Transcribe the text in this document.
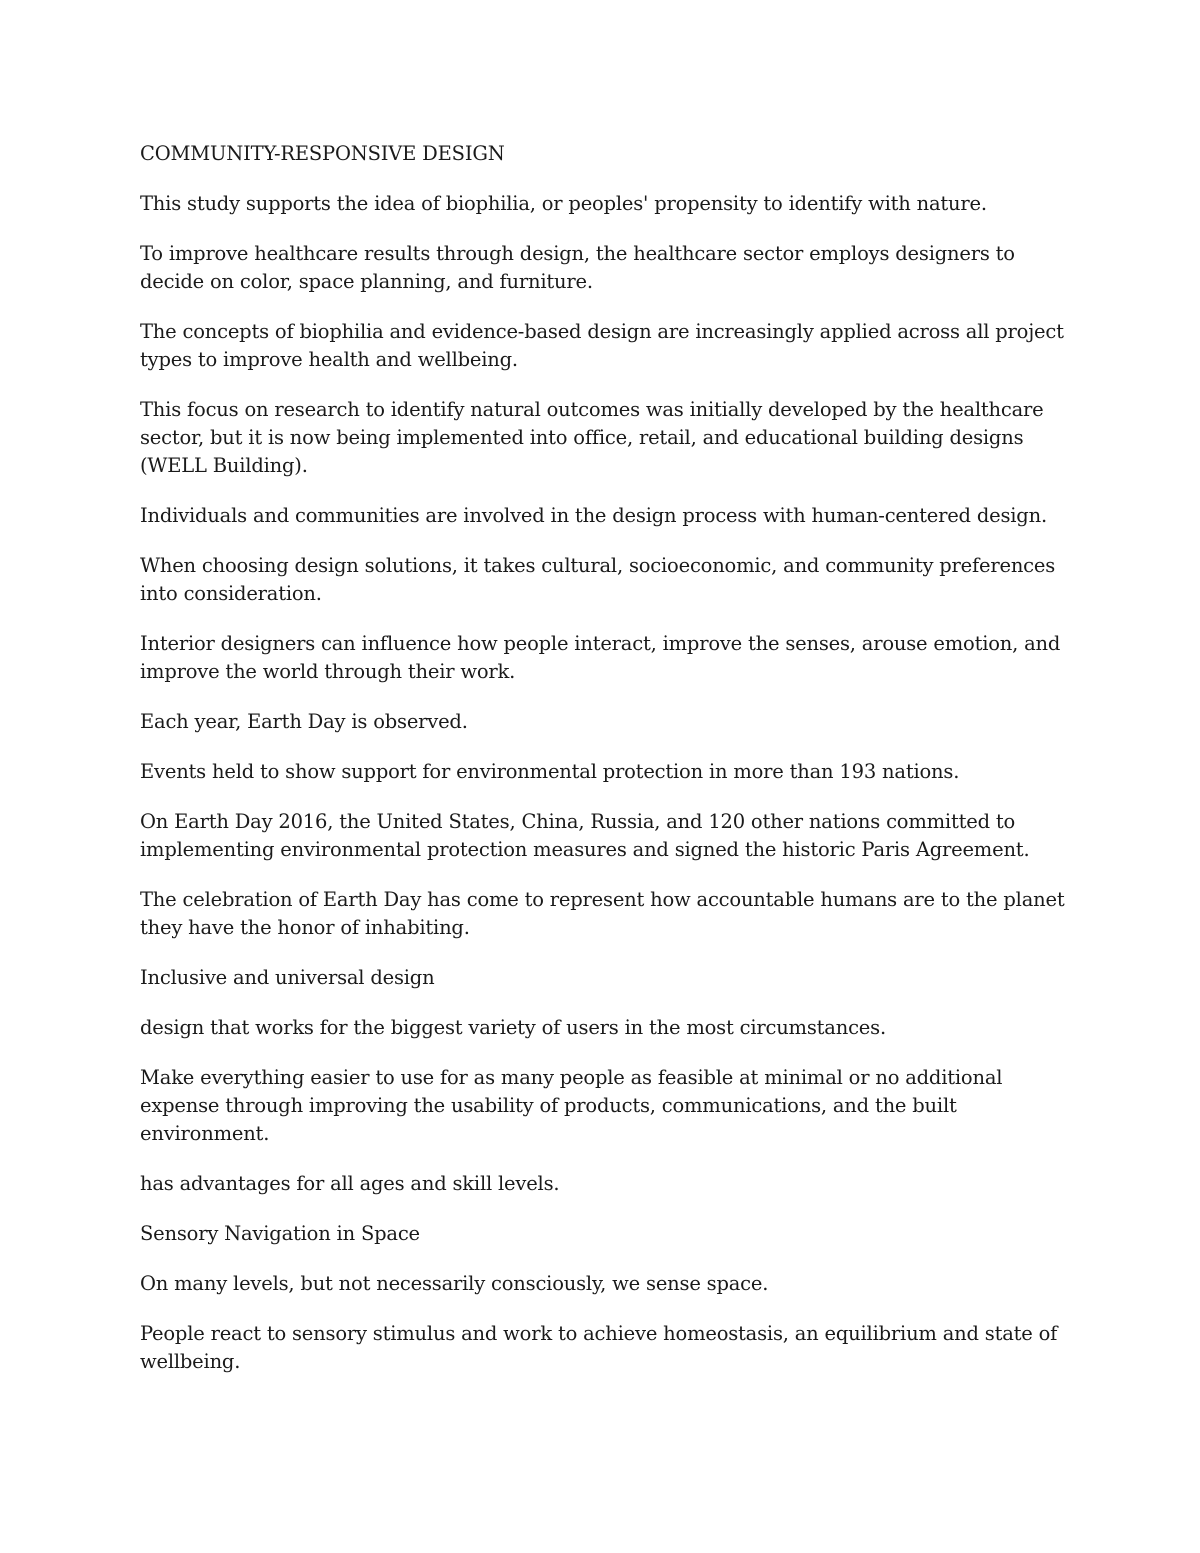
COMMUNITY-RESPONSIVE DESIGN

This study supports the idea of biophilia, or peoples' propensity to identify with nature.

To improve healthcare results through design, the healthcare sector employs designers to decide on color, space planning, and furniture.

The concepts of biophilia and evidence-based design are increasingly applied across all project types to improve health and wellbeing.

This focus on research to identify natural outcomes was initially developed by the healthcare sector, but it is now being implemented into office, retail, and educational building designs (WELL Building).

Individuals and communities are involved in the design process with human-centered design.

When choosing design solutions, it takes cultural, socioeconomic, and community preferences into consideration.

Interior designers can influence how people interact, improve the senses, arouse emotion, and improve the world through their work.

Each year, Earth Day is observed.

Events held to show support for environmental protection in more than 193 nations.

On Earth Day 2016, the United States, China, Russia, and 120 other nations committed to implementing environmental protection measures and signed the historic Paris Agreement.

The celebration of Earth Day has come to represent how accountable humans are to the planet they have the honor of inhabiting.

Inclusive and universal design

design that works for the biggest variety of users in the most circumstances.

Make everything easier to use for as many people as feasible at minimal or no additional expense through improving the usability of products, communications, and the built environment.

has advantages for all ages and skill levels.

Sensory Navigation in Space

On many levels, but not necessarily consciously, we sense space.

People react to sensory stimulus and work to achieve homeostasis, an equilibrium and state of wellbeing.
